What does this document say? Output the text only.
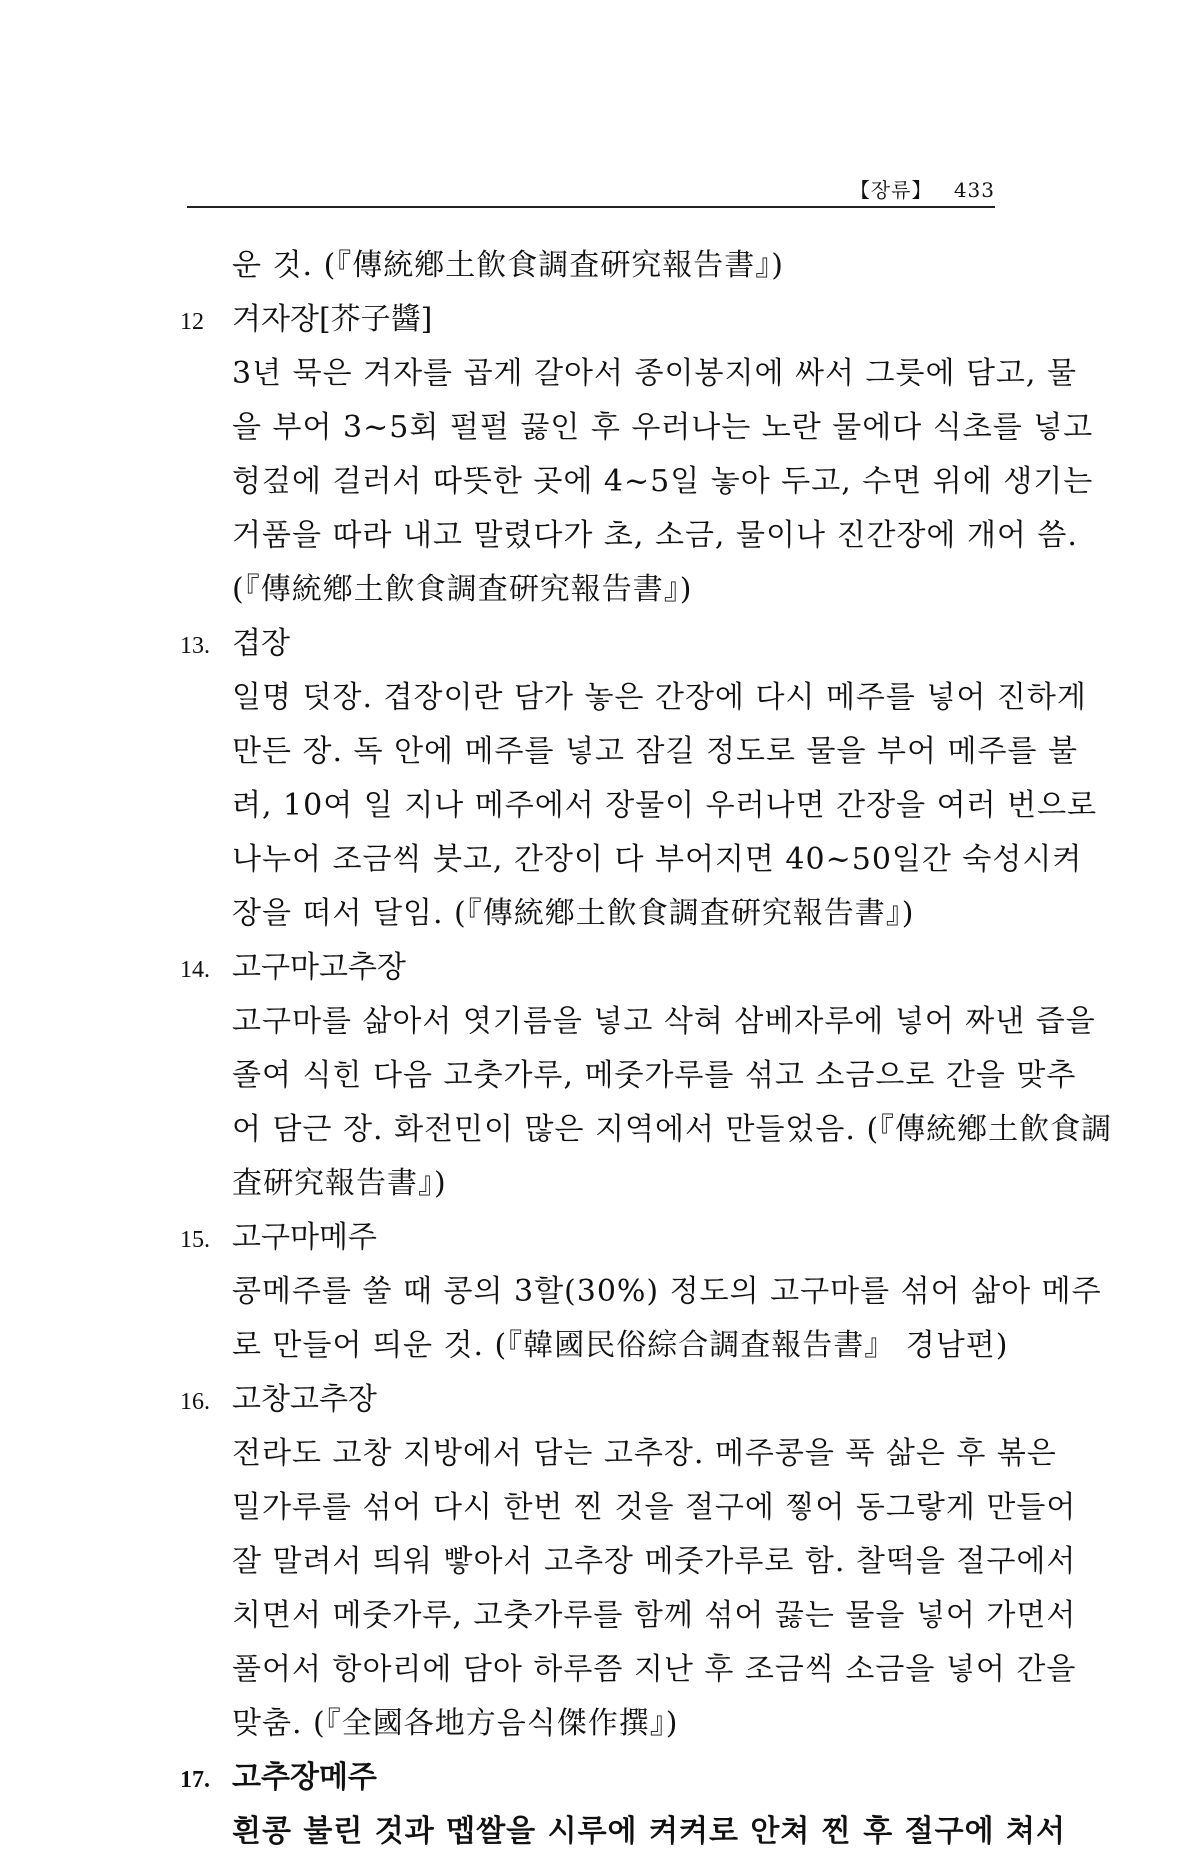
【장류】 433
운 것. (『傳統鄕土飮食調査硏究報告書』)
12 겨자장[芥子醬]
3년 묵은 겨자를 곱게 갈아서 종이봉지에 싸서 그릇에 담고, 물
을 부어 3~5회 펄펄 끓인 후 우러나는 노란 물에다 식초를 넣고
헝겊에 걸러서 따뜻한 곳에 4~5일 놓아 두고, 수면 위에 생기는
거품을 따라 내고 말렸다가 초, 소금, 물이나 진간장에 개어 씀.
(『傳統鄕土飮食調査硏究報告書』)
13. 겹장
일명 덧장. 겹장이란 담가 놓은 간장에 다시 메주를 넣어 진하게
만든 장. 독 안에 메주를 넣고 잠길 정도로 물을 부어 메주를 불
려, 10여 일 지나 메주에서 장물이 우러나면 간장을 여러 번으로
나누어 조금씩 붓고, 간장이 다 부어지면 40~50일간 숙성시켜
장을 떠서 달임. (『傳統鄕土飮食調査硏究報告書』)
14. 고구마고추장
고구마를 삶아서 엿기름을 넣고 삭혀 삼베자루에 넣어 짜낸 즙을
졸여 식힌 다음 고춧가루, 메줏가루를 섞고 소금으로 간을 맞추
어 담근 장. 화전민이 많은 지역에서 만들었음. (『傳統鄕土飮食調
査硏究報告書』)
15. 고구마메주
콩메주를 쑬 때 콩의 3할(30%) 정도의 고구마를 섞어 삶아 메주
로 만들어 띄운 것. (『韓國民俗綜合調査報告書』 경남편)
16. 고창고추장
전라도 고창 지방에서 담는 고추장. 메주콩을 푹 삶은 후 볶은
밀가루를 섞어 다시 한번 찐 것을 절구에 찧어 동그랗게 만들어
잘 말려서 띄워 빻아서 고추장 메줏가루로 함. 찰떡을 절구에서
치면서 메줏가루, 고춧가루를 함께 섞어 끓는 물을 넣어 가면서
풀어서 항아리에 담아 하루쯤 지난 후 조금씩 소금을 넣어 간을
맞춤. (『全國各地方음식傑作撰』)
17. 고추장메주
흰콩 불린 것과 멥쌀을 시루에 켜켜로 안쳐 찐 후 절구에 쳐서
